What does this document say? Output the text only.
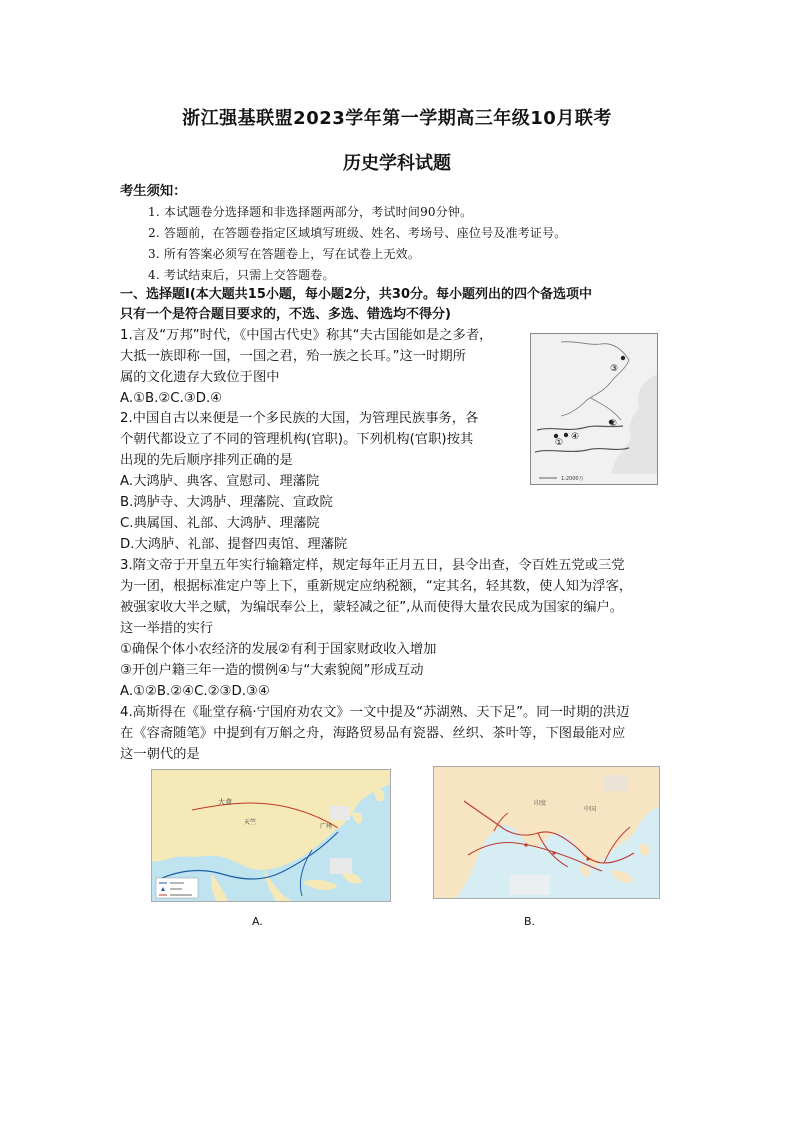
浙江强基联盟2023学年第一学期高三年级10月联考
历史学科试题
考生须知：
1. 本试题卷分选择题和非选择题两部分，考试时间90分钟。
2. 答题前，在答题卷指定区域填写班级、姓名、考场号、座位号及准考证号。
3. 所有答案必须写在答题卷上，写在试卷上无效。
4. 考试结束后，只需上交答题卷。
一、选择题Ⅰ(本大题共15小题，每小题2分，共30分。每小题列出的四个备选项中
只有一个是符合题目要求的，不选、多选、错选均不得分)
1.言及“万邦”时代，《中国古代史》称其“夫古国能如是之多者，
大抵一族即称一国，一国之君，殆一族之长耳。”这一时期所
属的文化遗存大致位于图中
A.①B.②C.③D.④
③
②
①
④
1:2000万
2.中国自古以来便是一个多民族的大国，为管理民族事务，各
个朝代都设立了不同的管理机构(官职)。下列机构(官职)按其
出现的先后顺序排列正确的是
A.大鸿胪、典客、宣慰司、理藩院
B.鸿胪寺、大鸿胪、理藩院、宣政院
C.典属国、礼部、大鸿胪、理藩院
D.大鸿胪、礼部、提督四夷馆、理藩院
3.隋文帝于开皇五年实行输籍定样，规定每年正月五日，县令出查，令百姓五党或三党
为一团，根据标准定户等上下，重新规定应纳税额，“定其名，轻其数，使人知为浮客，
被强家收大半之赋，为编氓奉公上，蒙轻减之征”,从而使得大量农民成为国家的编户。
这一举措的实行
①确保个体小农经济的发展②有利于国家财政收入增加
③开创户籍三年一造的惯例④与“大索貌阅”形成互动
A.①②B.②④C.②③D.③④
4.高斯得在《耻堂存稿·宁国府劝农文》一文中提及“苏湖熟、天下足”。同一时期的洪迈
在《容斋随笔》中提到有万斛之舟，海路贸易品有瓷器、丝织、茶叶等，下图最能对应
这一朝代的是
大食
天竺
广州
A.
印度
中国
B.
